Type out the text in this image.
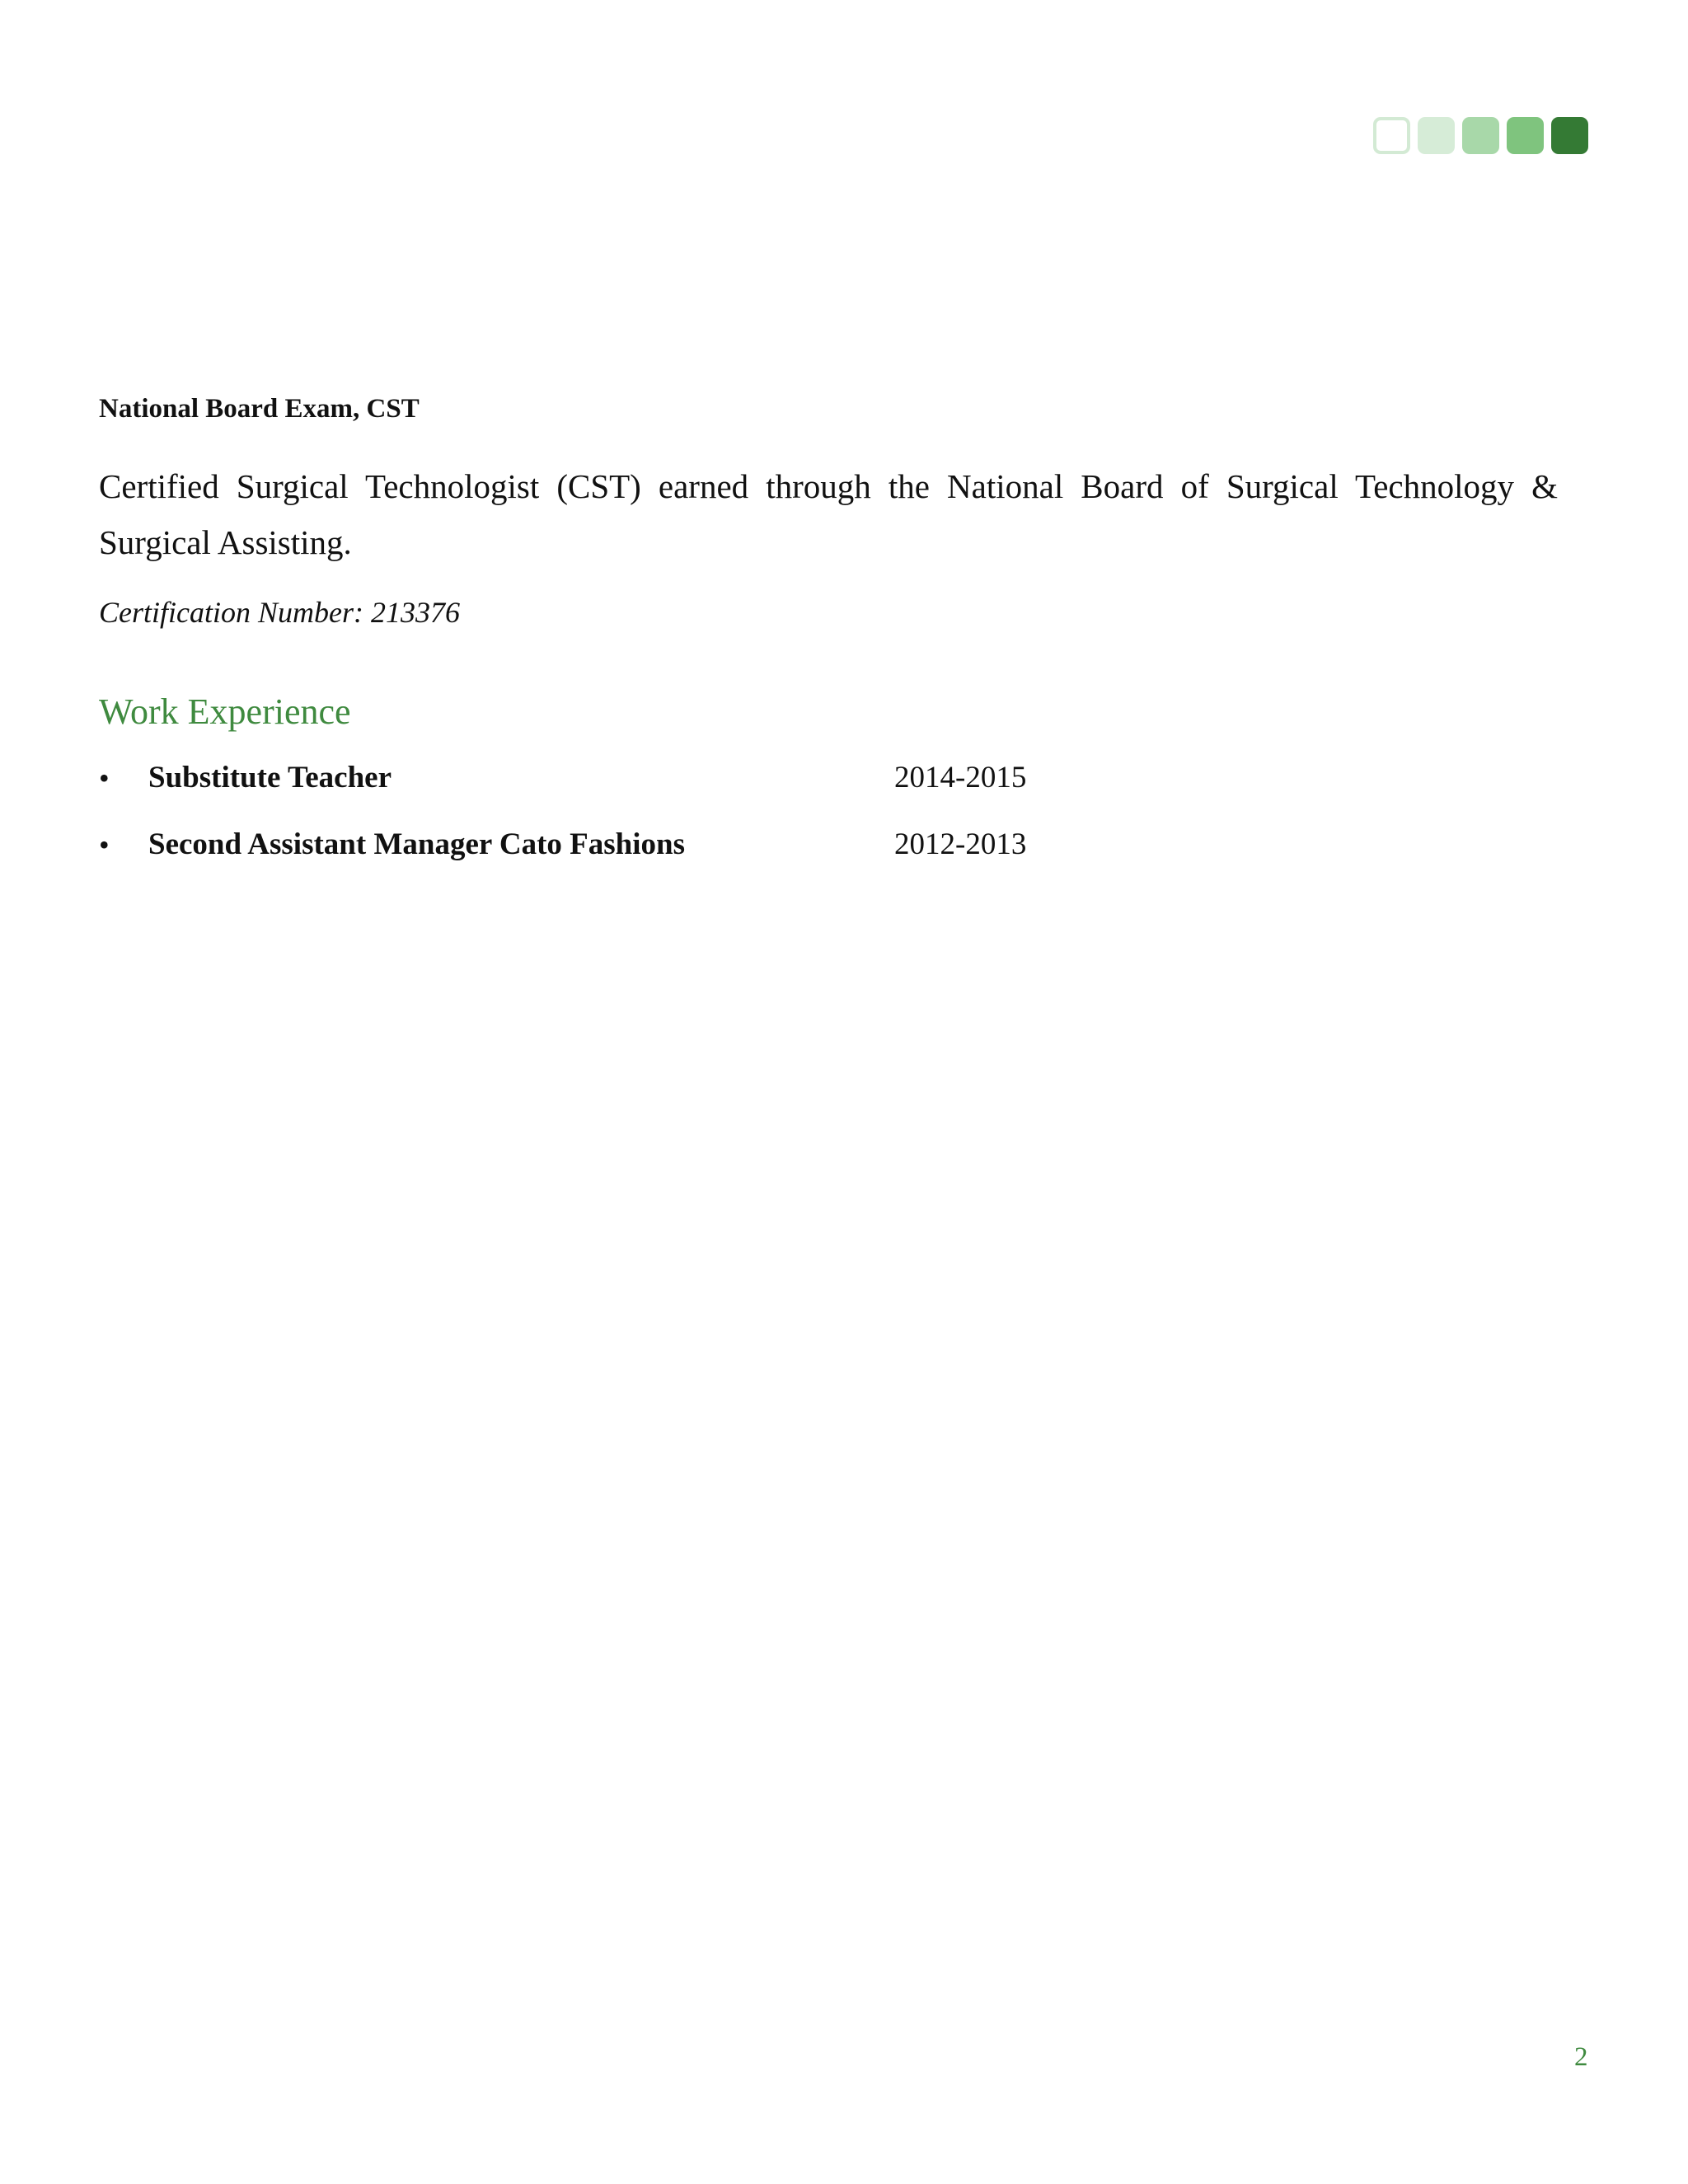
National Board Exam, CST

Certified Surgical Technologist (CST) earned through the National Board of Surgical Technology & Surgical Assisting.

Certification Number: 213376

Work Experience
•	Substitute Teacher	2014-2015
•	Second Assistant Manager Cato Fashions	2012-2013

2
